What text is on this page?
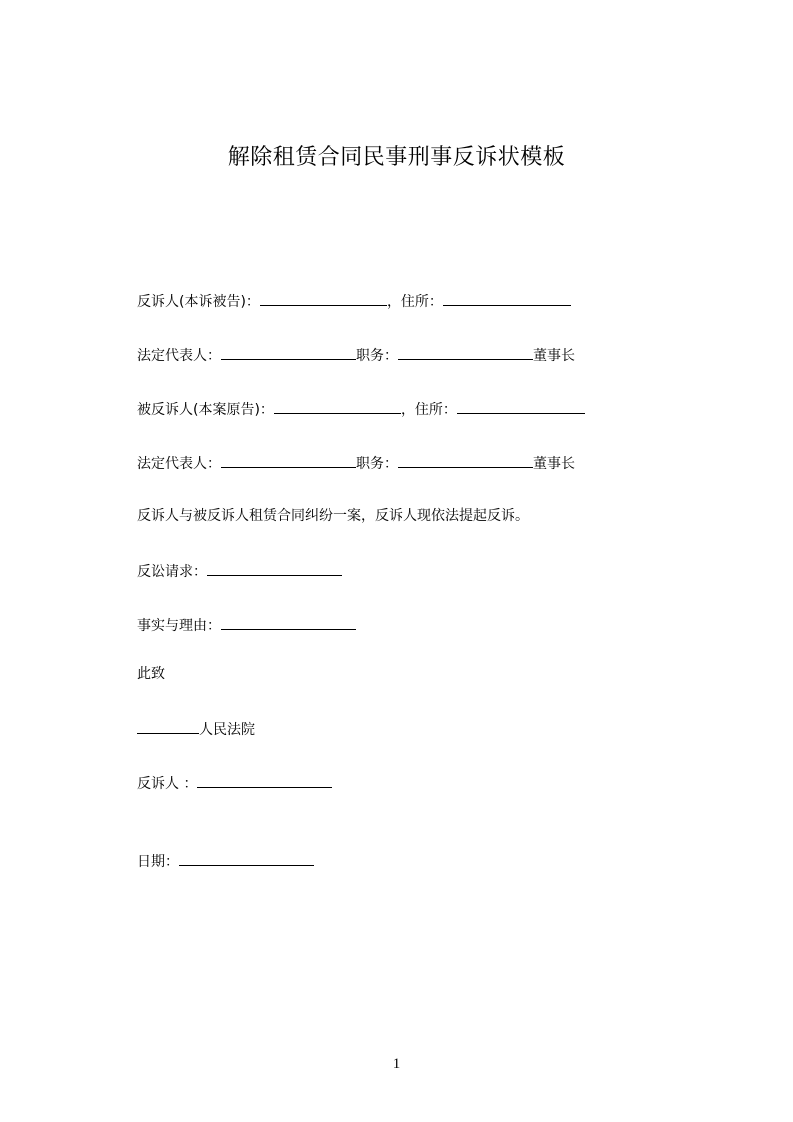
解除租赁合同民事刑事反诉状模板
反诉人(本诉被告)：	，住所：
法定代表人：	职务：	董事长
被反诉人(本案原告)：	，住所：
法定代表人：	职务：	董事长
反诉人与被反诉人租赁合同纠纷一案，反诉人现依法提起反诉。
反讼请求：
事实与理由：
此致
人民法院
反诉人 ：
日期：
1
